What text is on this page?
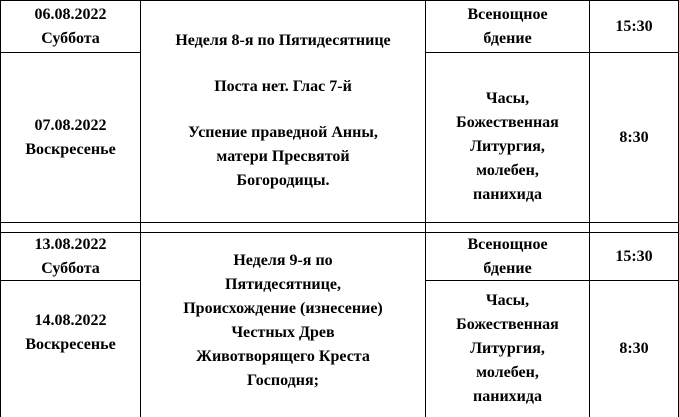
06.08.2022
Суббота
07.08.2022
Воскресенье
Неделя 8-я по Пятидесятнице
Поста нет. Глас 7-й
Успение праведной Анны,
матери Пресвятой
Богородицы.
Всенощное
бдение
Часы,
Божественная
Литургия,
молебен,
панихида
15:30
8:30
13.08.2022
Суббота
14.08.2022
Воскресенье
Неделя 9-я по
Пятидесятнице,
Происхождение (изнесение)
Честных Древ
Животворящего Креста
Господня;
Всенощное
бдение
Часы,
Божественная
Литургия,
молебен,
панихида
15:30
8:30
